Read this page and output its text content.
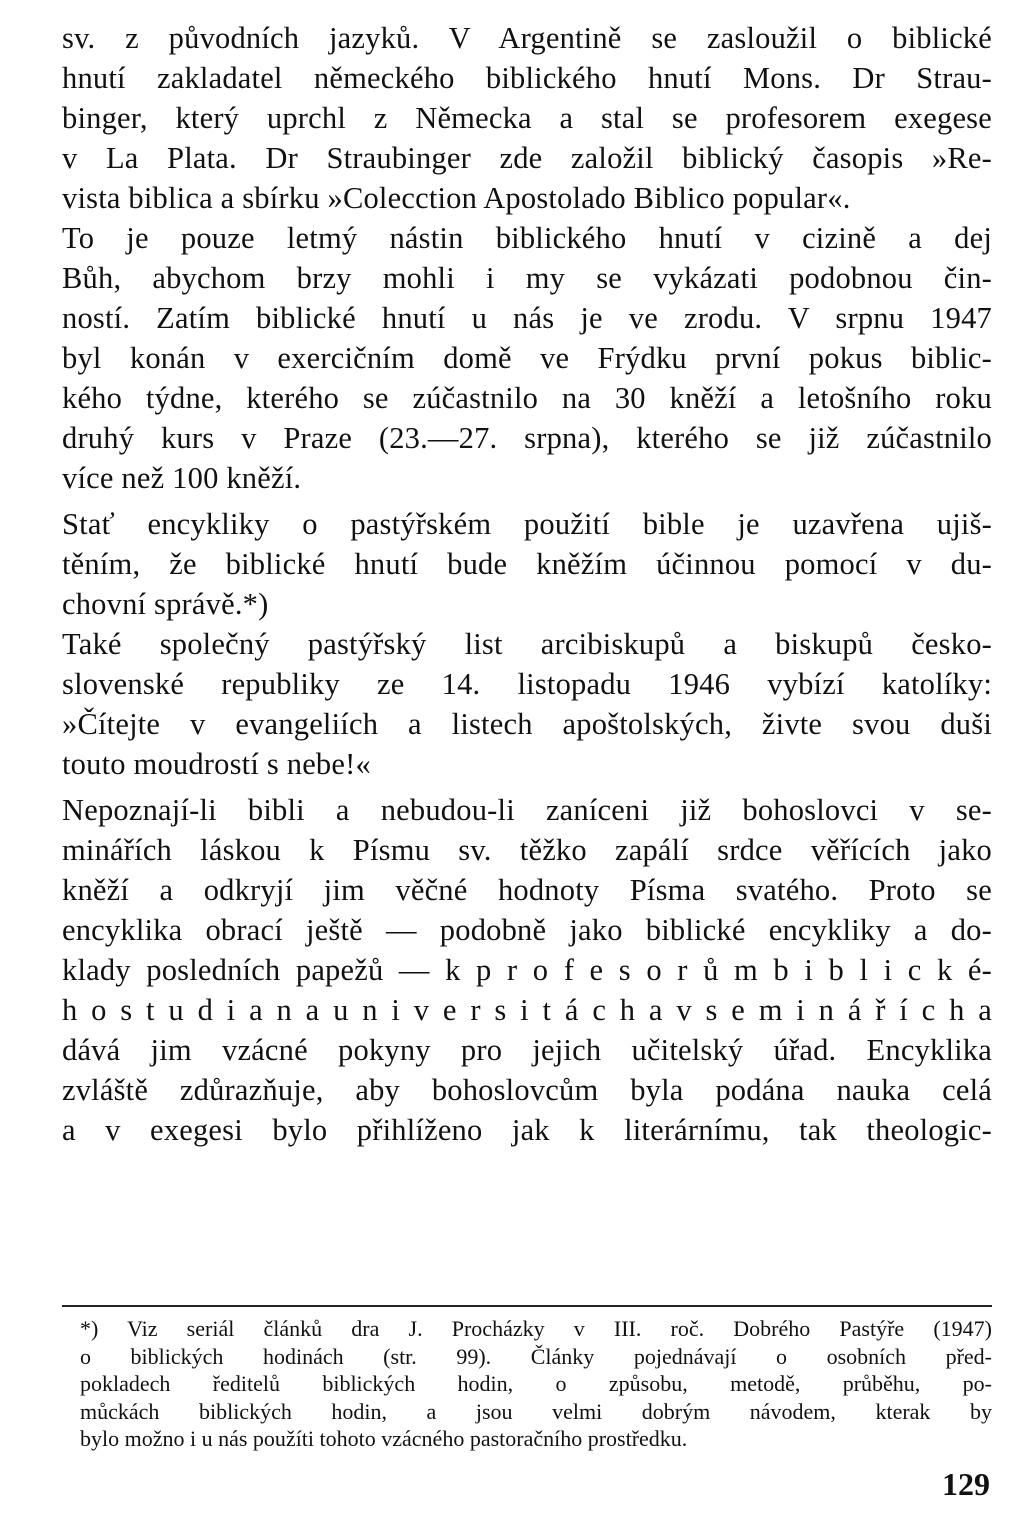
sv. z původních jazyků. V Argentině se zasloužil o biblické
hnutí zakladatel německého biblického hnutí Mons. Dr Strau-
binger, který uprchl z Německa a stal se profesorem exegese
v La Plata. Dr Straubinger zde založil biblický časopis »Re-
vista biblica a sbírku »Colecction Apostolado Biblico popular«.
To je pouze letmý nástin biblického hnutí v cizině a dej
Bůh, abychom brzy mohli i my se vykázati podobnou čin-
ností. Zatím biblické hnutí u nás je ve zrodu. V srpnu 1947
byl konán v exercičním domě ve Frýdku první pokus biblic-
kého týdne, kterého se zúčastnilo na 30 kněží a letošního roku
druhý kurs v Praze (23.—27. srpna), kterého se již zúčastnilo
více než 100 kněží.
Stať encykliky o pastýřském použití bible je uzavřena ujiš-
těním, že biblické hnutí bude kněžím účinnou pomocí v du-
chovní správě.*)
Také společný pastýřský list arcibiskupů a biskupů česko-
slovenské republiky ze 14. listopadu 1946 vybízí katolíky:
»Čítejte v evangeliích a listech apoštolských, živte svou duši
touto moudrostí s nebe!«
Nepoznají-li bibli a nebudou-li zaníceni již bohoslovci v se-
minářích láskou k Písmu sv. těžko zapálí srdce věřících jako
kněží a odkryjí jim věčné hodnoty Písma svatého. Proto se
encyklika obrací ještě — podobně jako biblické encykliky a do-
klady posledních papežů — k p r o f e s o r ů m b i b l i c k é-
h o s t u d i a n a u n i v e r s i t á c h a v s e m i n á ř í c h a
dává jim vzácné pokyny pro jejich učitelský úřad. Encyklika
zvláště zdůrazňuje, aby bohoslovcům byla podána nauka celá
a v exegesi bylo přihlíženo jak k literárnímu, tak theologic-
*) Viz seriál článků dra J. Procházky v III. roč. Dobrého Pastýře (1947)
o biblických hodinách (str. 99). Články pojednávají o osobních před-
pokladech ředitelů biblických hodin, o způsobu, metodě, průběhu, po-
můckách biblických hodin, a jsou velmi dobrým návodem, kterak by
bylo možno i u nás použíti tohoto vzácného pastoračního prostředku.
129
